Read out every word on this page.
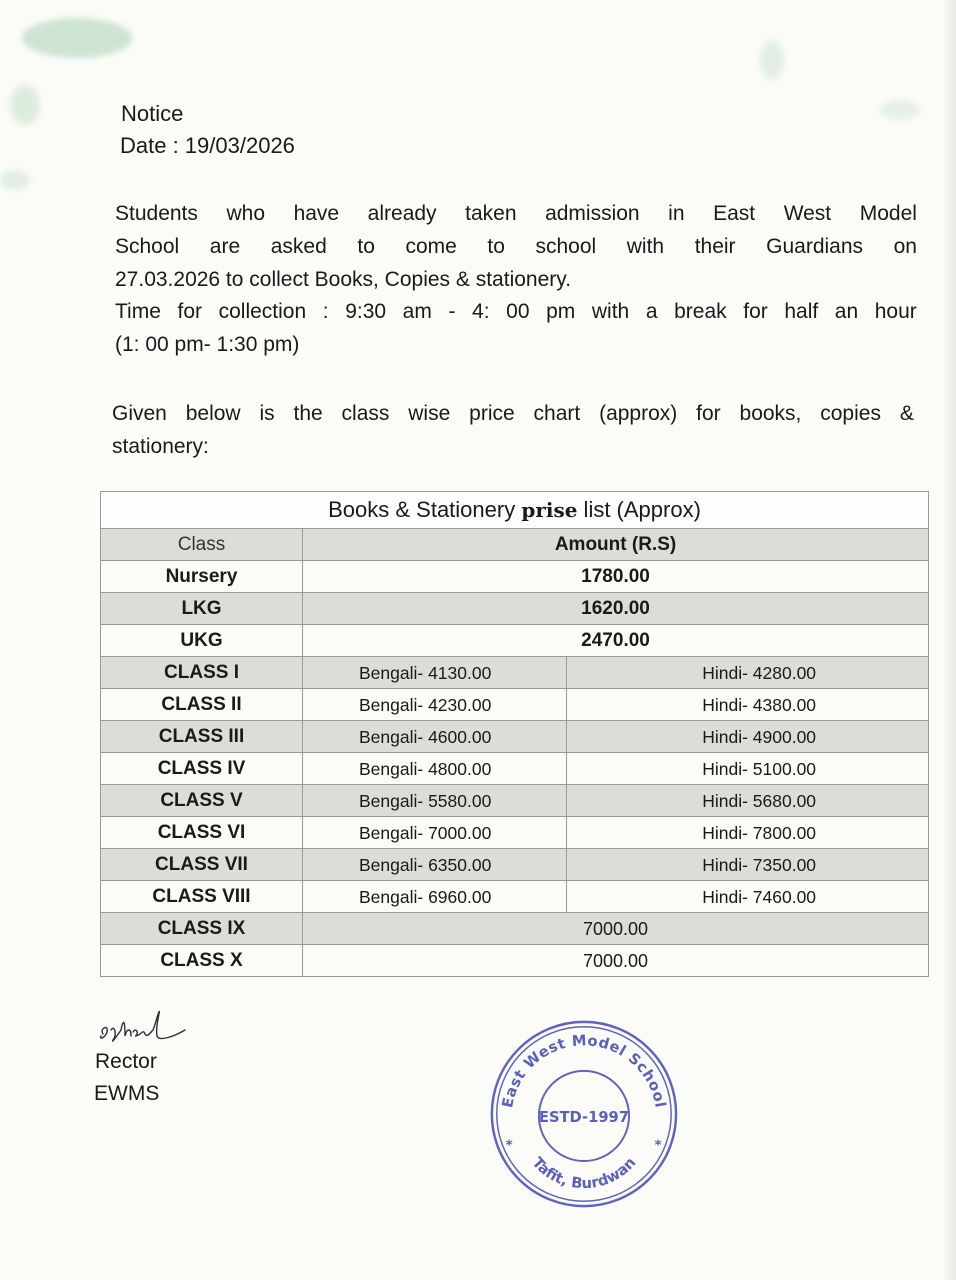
Notice
Date : 19/03/2026
Students who have already taken admission in East West Model
School are asked to come to school with their Guardians on
27.03.2026 to collect Books, Copies & stationery.
Time for collection : 9:30 am - 4: 00 pm with a break for half an hour
(1: 00 pm- 1:30 pm)
Given below is the class wise price chart (approx) for books, copies &
stationery:
Books & Stationery prise list (Approx)		
Class	Amount (R.S)	
Nursery	1780.00	
LKG	1620.00	
UKG	2470.00	
CLASS I	Bengali- 4130.00	Hindi- 4280.00
CLASS II	Bengali- 4230.00	Hindi- 4380.00
CLASS III	Bengali- 4600.00	Hindi- 4900.00
CLASS IV	Bengali- 4800.00	Hindi- 5100.00
CLASS V	Bengali- 5580.00	Hindi- 5680.00
CLASS VI	Bengali- 7000.00	Hindi- 7800.00
CLASS VII	Bengali- 6350.00	Hindi- 7350.00
CLASS VIII	Bengali- 6960.00	Hindi- 7460.00
CLASS IX	7000.00	
CLASS X	7000.00	
Rector
EWMS	East West Model School
Tafit, Burdwan
ESTD-1997
*	*
